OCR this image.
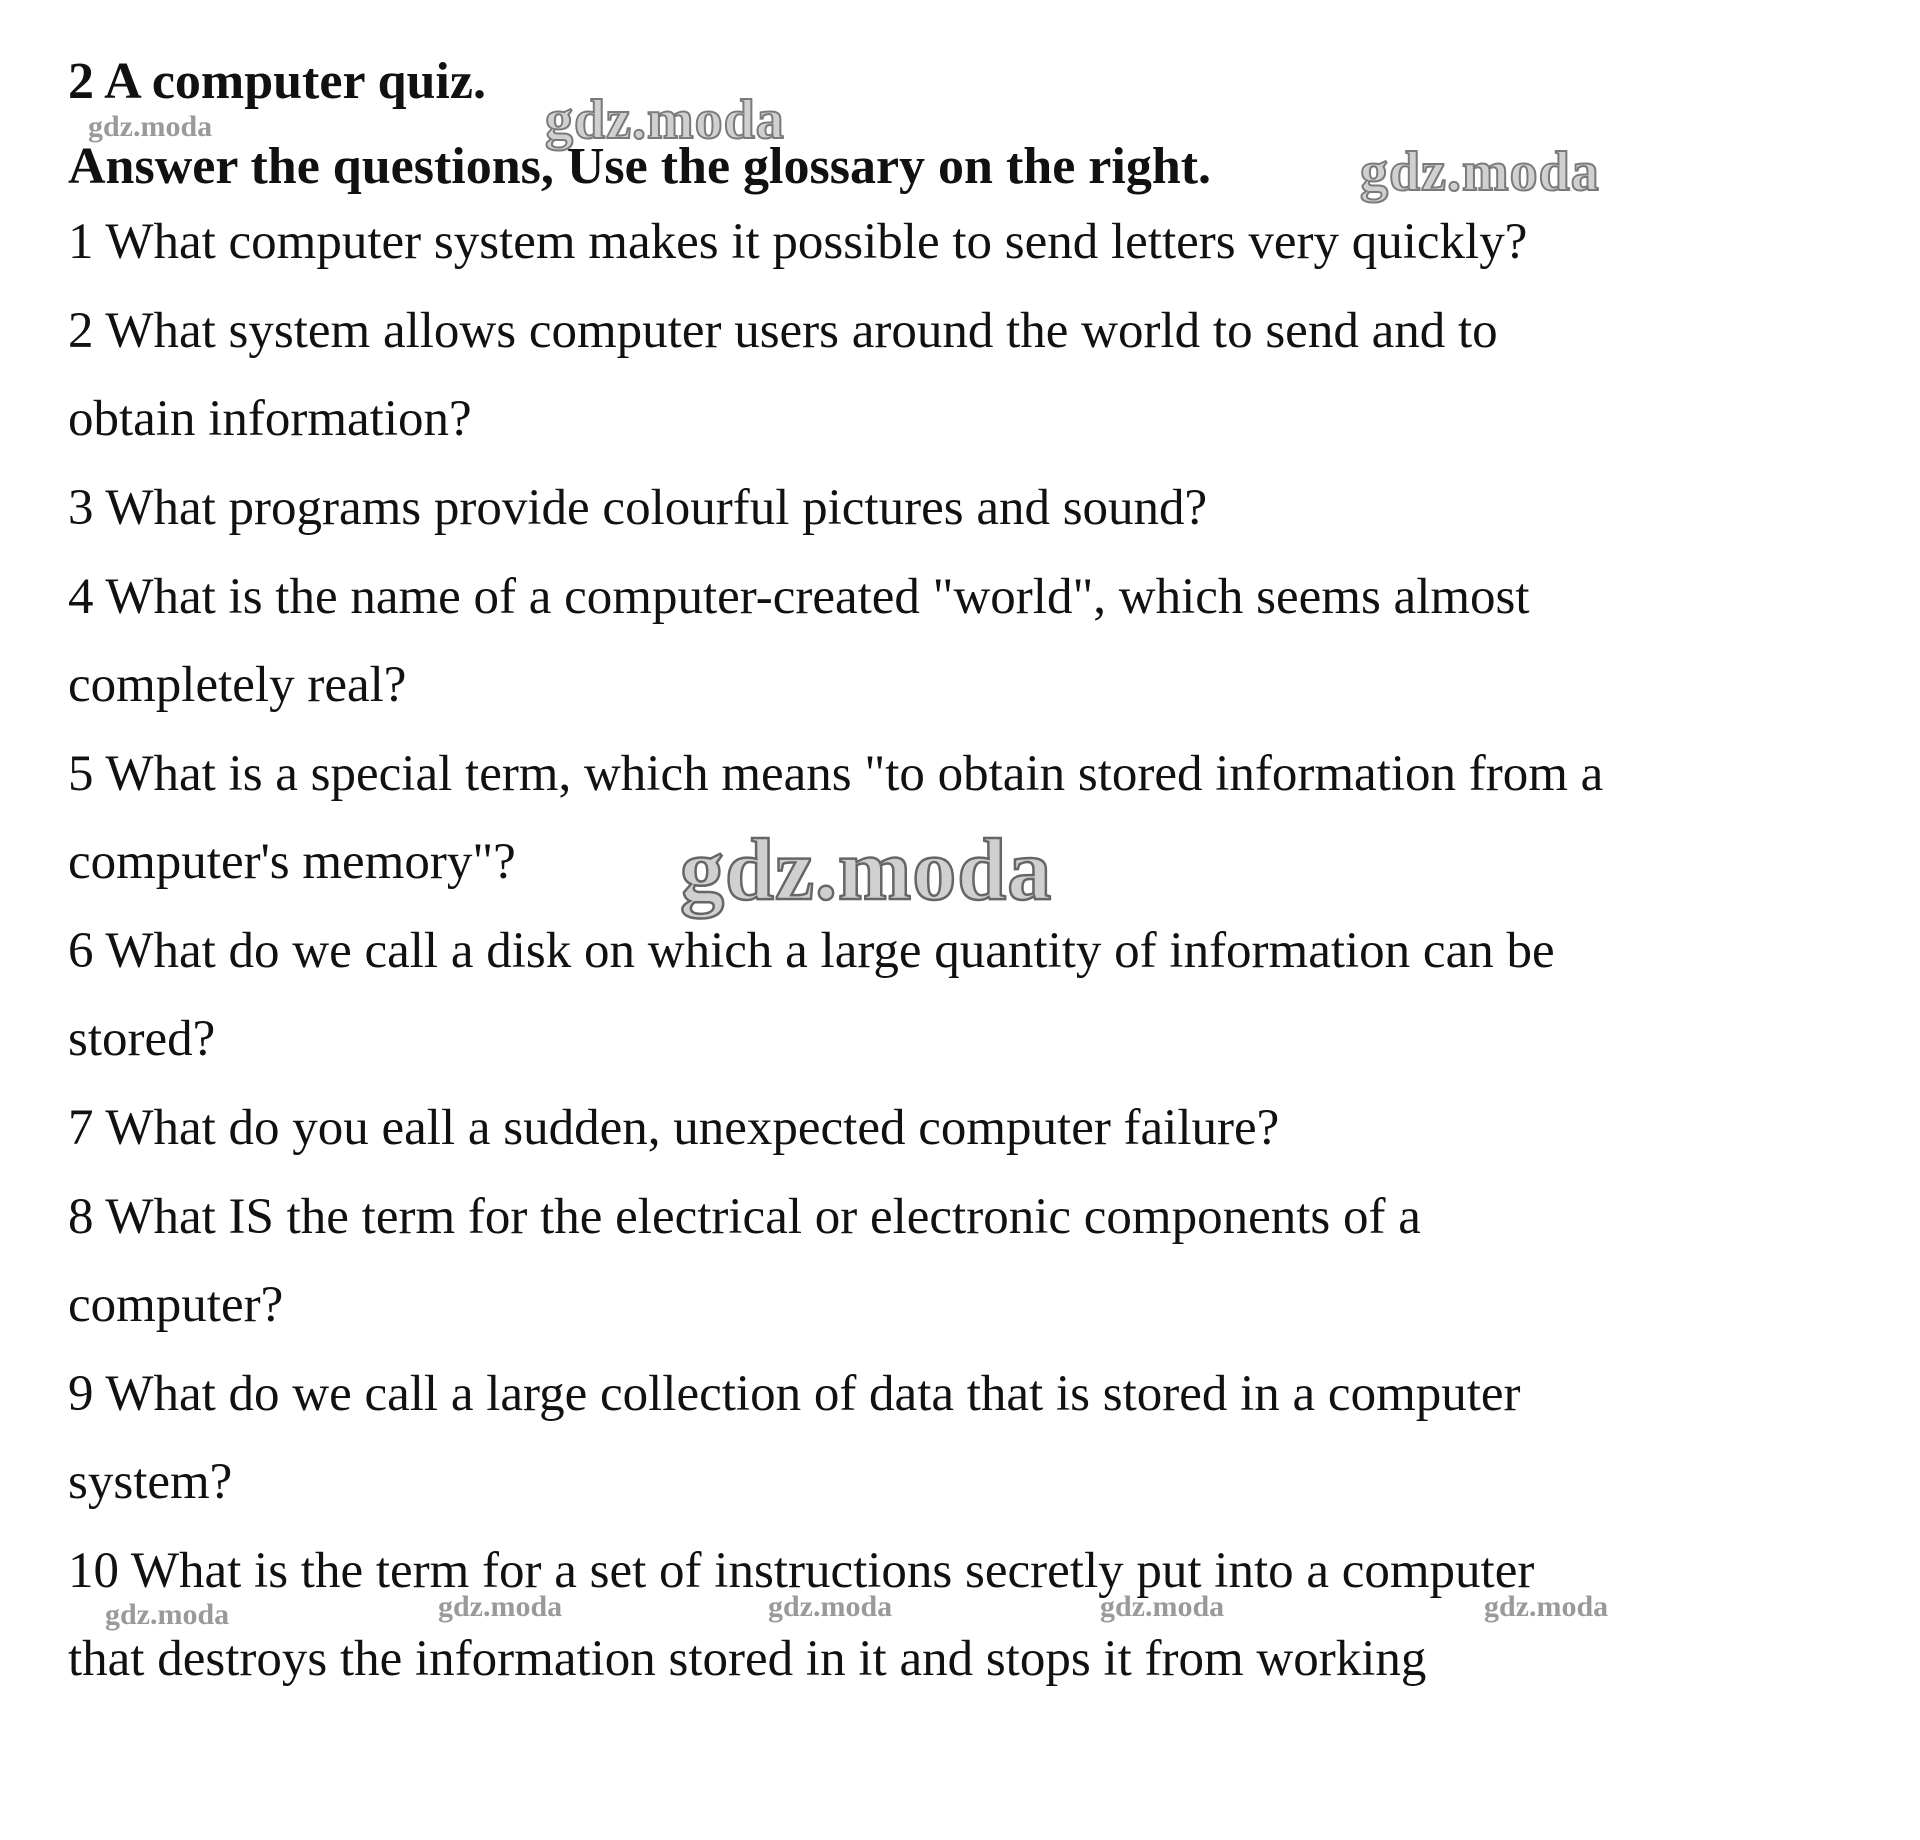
2 A computer quiz.

Answer the questions, Use the glossary on the right.

1 What computer system makes it possible to send letters very quickly?

2 What system allows computer users around the world to send and to

obtain information?

3 What programs provide colourful pictures and sound?

4 What is the name of a computer-created "world", which seems almost

completely real?

5 What is a special term, which means "to obtain stored information from a

computer's memory"?

6 What do we call a disk on which a large quantity of information can be

stored?

7 What do you eall a sudden, unexpected computer failure?

8 What IS the term for the electrical or electronic components of a

computer?

9 What do we call a large collection of data that is stored in a computer

system?

10 What is the term for a set of instructions secretly put into a computer

that destroys the information stored in it and stops it from working

gdz.moda	gdz.moda
gdz.moda
gdz.moda
gdz.moda	gdz.moda	gdz.moda	gdz.moda	gdz.moda
